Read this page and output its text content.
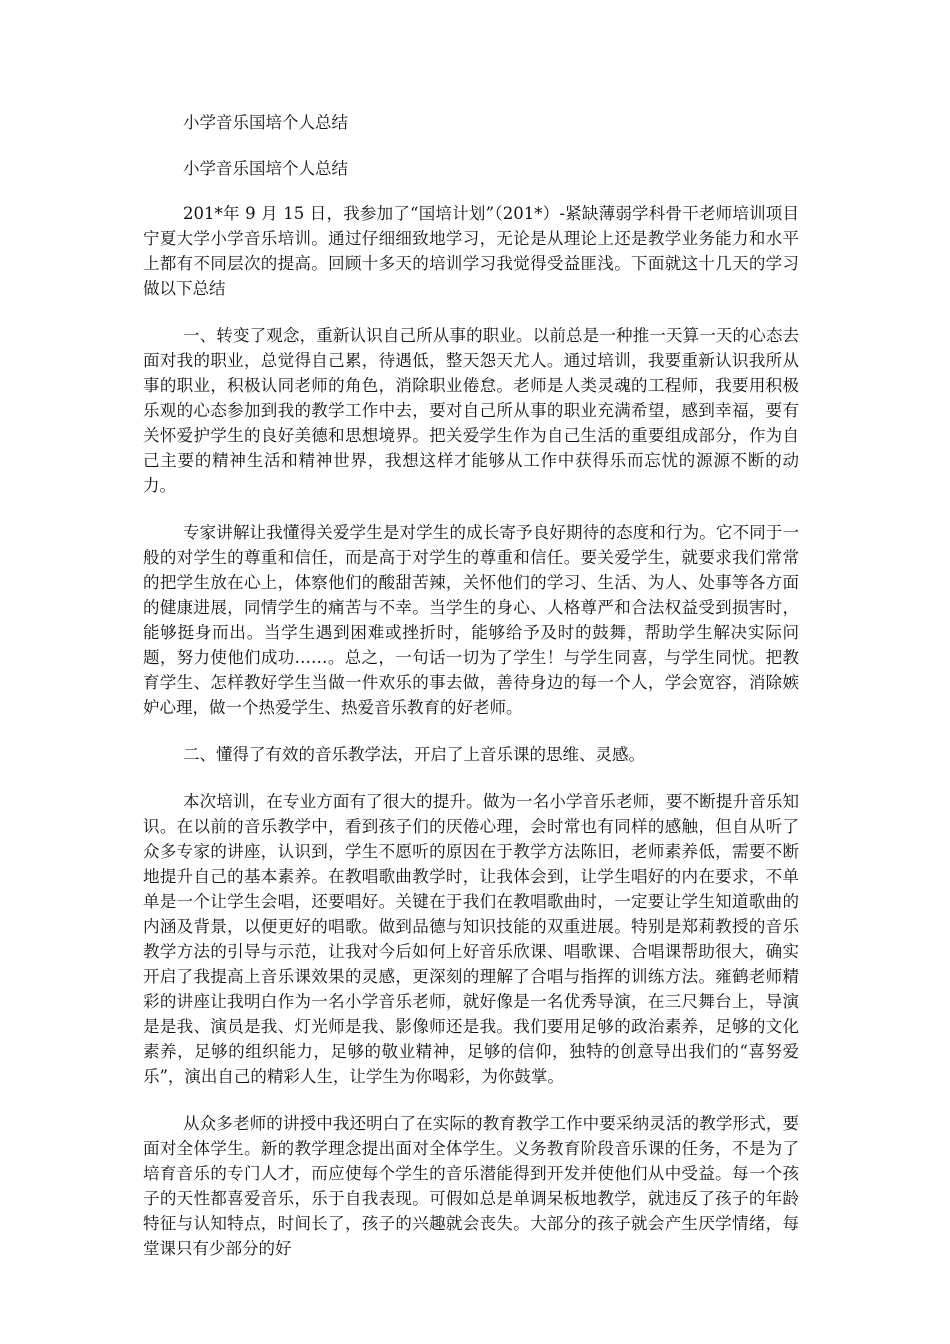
小学音乐国培个人总结

小学音乐国培个人总结

201*年 9 月 15 日，我参加了“国培计划”（201*）-紧缺薄弱学科骨干老师培训项目宁夏大学小学音乐培训。通过仔细细致地学习，无论是从理论上还是教学业务能力和水平上都有不同层次的提高。回顾十多天的培训学习我觉得受益匪浅。下面就这十几天的学习做以下总结

一、转变了观念，重新认识自己所从事的职业。以前总是一种推一天算一天的心态去面对我的职业，总觉得自己累，待遇低，整天怨天尤人。通过培训，我要重新认识我所从事的职业，积极认同老师的角色，消除职业倦怠。老师是人类灵魂的工程师，我要用积极乐观的心态参加到我的教学工作中去，要对自己所从事的职业充满希望，感到幸福，要有关怀爱护学生的良好美德和思想境界。把关爱学生作为自己生活的重要组成部分，作为自己主要的精神生活和精神世界，我想这样才能够从工作中获得乐而忘忧的源源不断的动力。

专家讲解让我懂得关爱学生是对学生的成长寄予良好期待的态度和行为。它不同于一般的对学生的尊重和信任，而是高于对学生的尊重和信任。要关爱学生，就要求我们常常的把学生放在心上，体察他们的酸甜苦辣，关怀他们的学习、生活、为人、处事等各方面的健康进展，同情学生的痛苦与不幸。当学生的身心、人格尊严和合法权益受到损害时，能够挺身而出。当学生遇到困难或挫折时，能够给予及时的鼓舞，帮助学生解决实际问题，努力使他们成功……。总之，一句话一切为了学生！与学生同喜，与学生同忧。把教育学生、怎样教好学生当做一件欢乐的事去做，善待身边的每一个人，学会宽容，消除嫉妒心理，做一个热爱学生、热爱音乐教育的好老师。

二、懂得了有效的音乐教学法，开启了上音乐课的思维、灵感。

本次培训，在专业方面有了很大的提升。做为一名小学音乐老师，要不断提升音乐知识。在以前的音乐教学中，看到孩子们的厌倦心理，会时常也有同样的感触，但自从听了众多专家的讲座，认识到，学生不愿听的原因在于教学方法陈旧，老师素养低，需要不断地提升自己的基本素养。在教唱歌曲教学时，让我体会到，让学生唱好的内在要求，不单单是一个让学生会唱，还要唱好。关键在于我们在教唱歌曲时，一定要让学生知道歌曲的内涵及背景，以便更好的唱歌。做到品德与知识技能的双重进展。特别是郑莉教授的音乐教学方法的引导与示范，让我对今后如何上好音乐欣课、唱歌课、合唱课帮助很大，确实开启了我提高上音乐课效果的灵感，更深刻的理解了合唱与指挥的训练方法。雍鹤老师精彩的讲座让我明白作为一名小学音乐老师，就好像是一名优秀导演，在三尺舞台上，导演是是我、演员是我、灯光师是我、影像师还是我。我们要用足够的政治素养，足够的文化素养，足够的组织能力，足够的敬业精神，足够的信仰，独特的创意导出我们的“喜努爱乐”，演出自己的精彩人生，让学生为你喝彩，为你鼓掌。

从众多老师的讲授中我还明白了在实际的教育教学工作中要采纳灵活的教学形式，要面对全体学生。新的教学理念提出面对全体学生。义务教育阶段音乐课的任务，不是为了培育音乐的专门人才，而应使每个学生的音乐潜能得到开发并使他们从中受益。每一个孩子的天性都喜爱音乐，乐于自我表现。可假如总是单调呆板地教学，就违反了孩子的年龄特征与认知特点，时间长了，孩子的兴趣就会丧失。大部分的孩子就会产生厌学情绪，每堂课只有少部分的好
